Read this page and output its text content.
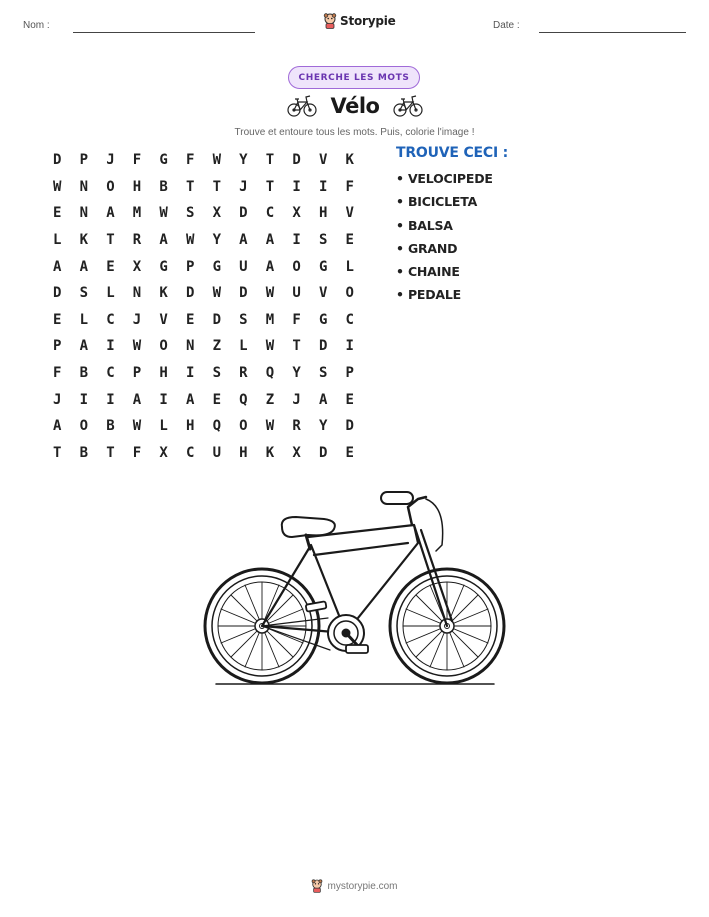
Nom :	Storypie	Date :
CHERCHE LES MOTS
Vélo
Trouve et entoure tous les mots. Puis, colorie l'image !
D	P	J	F	G	F	W	Y	T	D	V	K
W	N	O	H	B	T	T	J	T	I	I	F
E	N	A	M	W	S	X	D	C	X	H	V
L	K	T	R	A	W	Y	A	A	I	S	E
A	A	E	X	G	P	G	U	A	O	G	L
D	S	L	N	K	D	W	D	W	U	V	O
E	L	C	J	V	E	D	S	M	F	G	C
P	A	I	W	O	N	Z	L	W	T	D	I
F	B	C	P	H	I	S	R	Q	Y	S	P
J	I	I	A	I	A	E	Q	Z	J	A	E
A	O	B	W	L	H	Q	O	W	R	Y	D
T	B	T	F	X	C	U	H	K	X	D	E
TROUVE CECI :
• VELOCIPEDE
• BICICLETA
• BALSA
• GRAND
• CHAINE
• PEDALE
mystorypie.com
